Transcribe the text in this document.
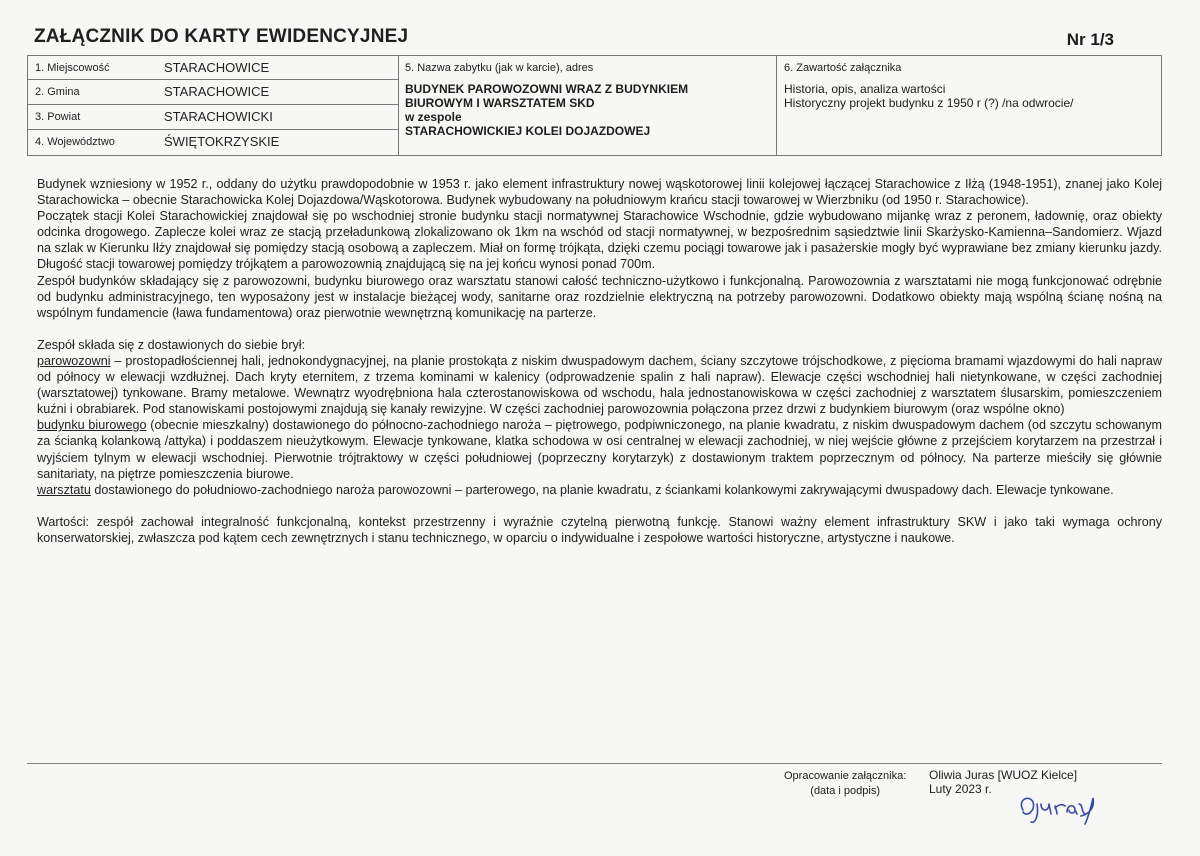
ZAŁĄCZNIK DO KARTY EWIDENCYJNEJ	Nr 1/3
1. Miejscowość	STARACHOWICE
2. Gmina	STARACHOWICE
3. Powiat	STARACHOWICKI
4. Województwo	ŚWIĘTOKRZYSKIE
5. Nazwa zabytku (jak w karcie), adres
BUDYNEK PAROWOZOWNI WRAZ Z BUDYNKIEM
BIUROWYM I WARSZTATEM SKD
w zespole
STARACHOWICKIEJ KOLEI DOJAZDOWEJ
6. Zawartość załącznika
Historia, opis, analiza wartości
Historyczny projekt budynku z 1950 r (?) /na odwrocie/

Budynek wzniesiony w 1952 r., oddany do użytku prawdopodobnie w 1953 r. jako element infrastruktury nowej wąskotorowej linii kolejowej łączącej Starachowice z Iłżą (1948-1951), znanej jako Kolej Starachowicka – obecnie Starachowicka Kolej Dojazdowa/Wąskotorowa. Budynek wybudowany na południowym krańcu stacji towarowej w Wierzbniku (od 1950 r. Starachowice).

Początek stacji Kolei Starachowickiej znajdował się po wschodniej stronie budynku stacji normatywnej Starachowice Wschodnie, gdzie wybudowano mijankę wraz z peronem, ładownię, oraz obiekty odcinka drogowego. Zaplecze kolei wraz ze stacją przeładunkową zlokalizowano ok 1km na wschód od stacji normatywnej, w bezpośrednim sąsiedztwie linii Skarżysko-Kamienna–Sandomierz. Wjazd na szlak w Kierunku Iłży znajdował się pomiędzy stacją osobową a zapleczem. Miał on formę trójkąta, dzięki czemu pociągi towarowe jak i pasażerskie mogły być wyprawiane bez zmiany kierunku jazdy. Długość stacji towarowej pomiędzy trójkątem a parowozownią znajdującą się na jej końcu wynosi ponad 700m.

Zespół budynków składający się z parowozowni, budynku biurowego oraz warsztatu stanowi całość techniczno-użytkowo i funkcjonalną. Parowozownia z warsztatami nie mogą funkcjonować odrębnie od budynku administracyjnego, ten wyposażony jest w instalacje bieżącej wody, sanitarne oraz rozdzielnie elektryczną na potrzeby parowozowni. Dodatkowo obiekty mają wspólną ścianę nośną na wspólnym fundamencie (ława fundamentowa) oraz pierwotnie wewnętrzną komunikację na parterze.

Zespół składa się z dostawionych do siebie brył:

parowozowni – prostopadłościennej hali, jednokondygnacyjnej, na planie prostokąta z niskim dwuspadowym dachem, ściany szczytowe trójschodkowe, z pięcioma bramami wjazdowymi do hali napraw od północy w elewacji wzdłużnej. Dach kryty eternitem, z trzema kominami w kalenicy (odprowadzenie spalin z hali napraw). Elewacje części wschodniej hali nietynkowane, w części zachodniej (warsztatowej) tynkowane. Bramy metalowe. Wewnątrz wyodrębniona hala czterostanowiskowa od wschodu, hala jednostanowiskowa w części zachodniej z warsztatem ślusarskim, pomieszczeniem kuźni i obrabiarek. Pod stanowiskami postojowymi znajdują się kanały rewizyjne. W części zachodniej parowozownia połączona przez drzwi z budynkiem biurowym (oraz wspólne okno)

budynku biurowego (obecnie mieszkalny) dostawionego do północno-zachodniego naroża – piętrowego, podpiwniczonego, na planie kwadratu, z niskim dwuspadowym dachem (od szczytu schowanym za ścianką kolankową /attyka) i poddaszem nieużytkowym. Elewacje tynkowane, klatka schodowa w osi centralnej w elewacji zachodniej, w niej wejście główne z przejściem korytarzem na przestrzał i wyjściem tylnym w elewacji wschodniej. Pierwotnie trójtraktowy w części południowej (poprzeczny korytarzyk) z dostawionym traktem poprzecznym od północy. Na parterze mieściły się głównie sanitariaty, na piętrze pomieszczenia biurowe.

warsztatu dostawionego do południowo-zachodniego naroża parowozowni – parterowego, na planie kwadratu, z ściankami kolankowymi zakrywającymi dwuspadowy dach. Elewacje tynkowane.

Wartości: zespół zachował integralność funkcjonalną, kontekst przestrzenny i wyraźnie czytelną pierwotną funkcję. Stanowi ważny element infrastruktury SKW i jako taki wymaga ochrony konserwatorskiej, zwłaszcza pod kątem cech zewnętrznych i stanu technicznego, w oparciu o indywidualne i zespołowe wartości historyczne, artystyczne i naukowe.

Opracowanie załącznika:
(data i podpis)
Oliwia Juras [WUOZ Kielce]
Luty 2023 r.
